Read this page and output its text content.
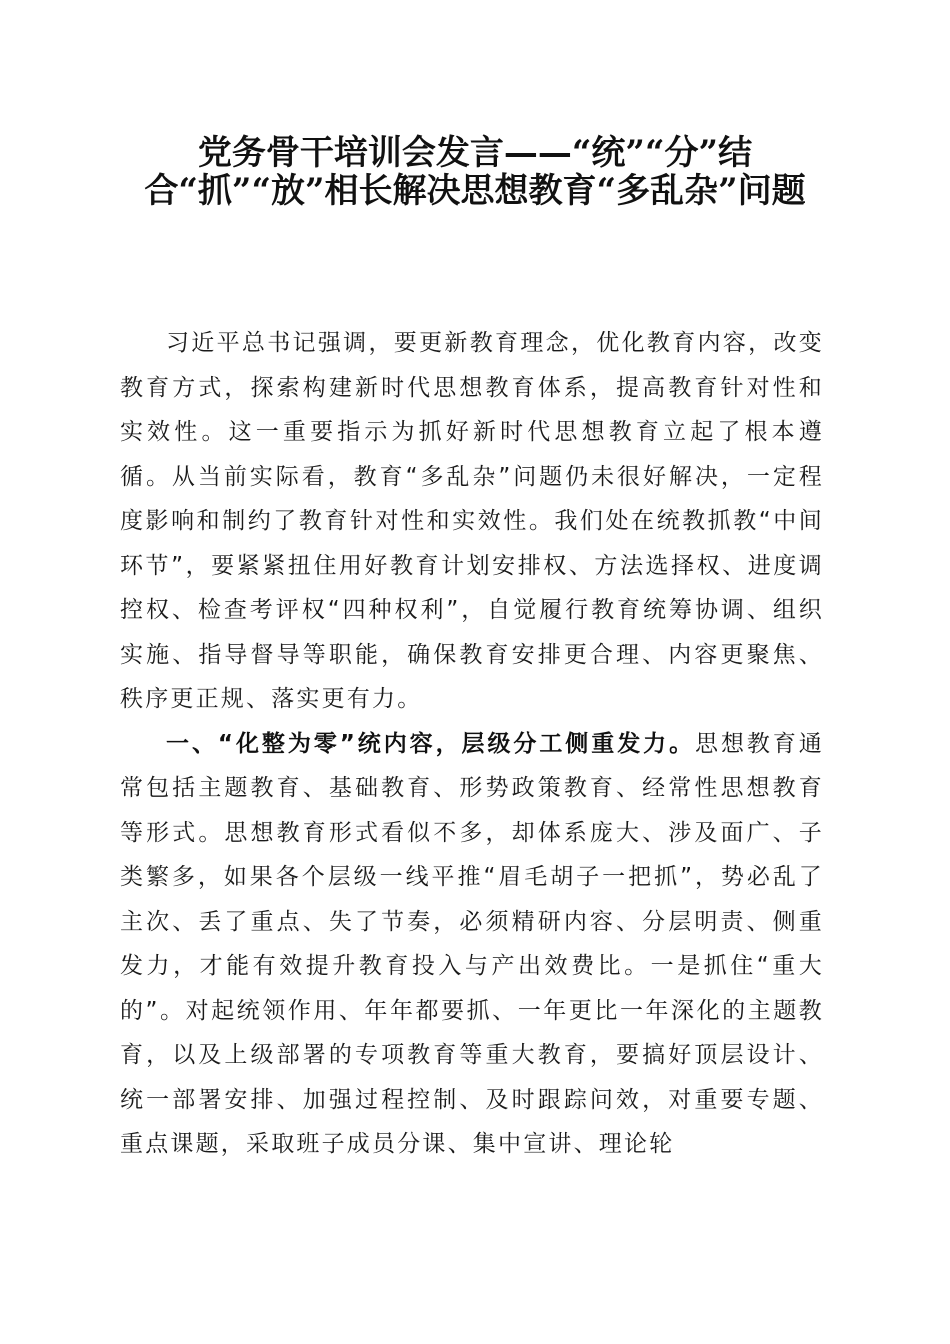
党务骨干培训会发言——“统”“分”结合“抓”“放”相长解决思想教育“多乱杂”问题

习近平总书记强调，要更新教育理念，优化教育内容，改变教育方式，探索构建新时代思想教育体系，提高教育针对性和实效性。这一重要指示为抓好新时代思想教育立起了根本遵循。从当前实际看，教育“多乱杂”问题仍未很好解决，一定程度影响和制约了教育针对性和实效性。我们处在统教抓教“中间环节”，要紧紧扭住用好教育计划安排权、方法选择权、进度调控权、检查考评权“四种权利”，自觉履行教育统筹协调、组织实施、指导督导等职能，确保教育安排更合理、内容更聚焦、秩序更正规、落实更有力。

一、“化整为零”统内容，层级分工侧重发力。思想教育通常包括主题教育、基础教育、形势政策教育、经常性思想教育等形式。思想教育形式看似不多，却体系庞大、涉及面广、子类繁多，如果各个层级一线平推“眉毛胡子一把抓”，势必乱了主次、丢了重点、失了节奏，必须精研内容、分层明责、侧重发力，才能有效提升教育投入与产出效费比。一是抓住“重大的”。对起统领作用、年年都要抓、一年更比一年深化的主题教育，以及上级部署的专项教育等重大教育，要搞好顶层设计、统一部署安排、加强过程控制、及时跟踪问效，对重要专题、重点课题，采取班子成员分课、集中宣讲、理论轮
